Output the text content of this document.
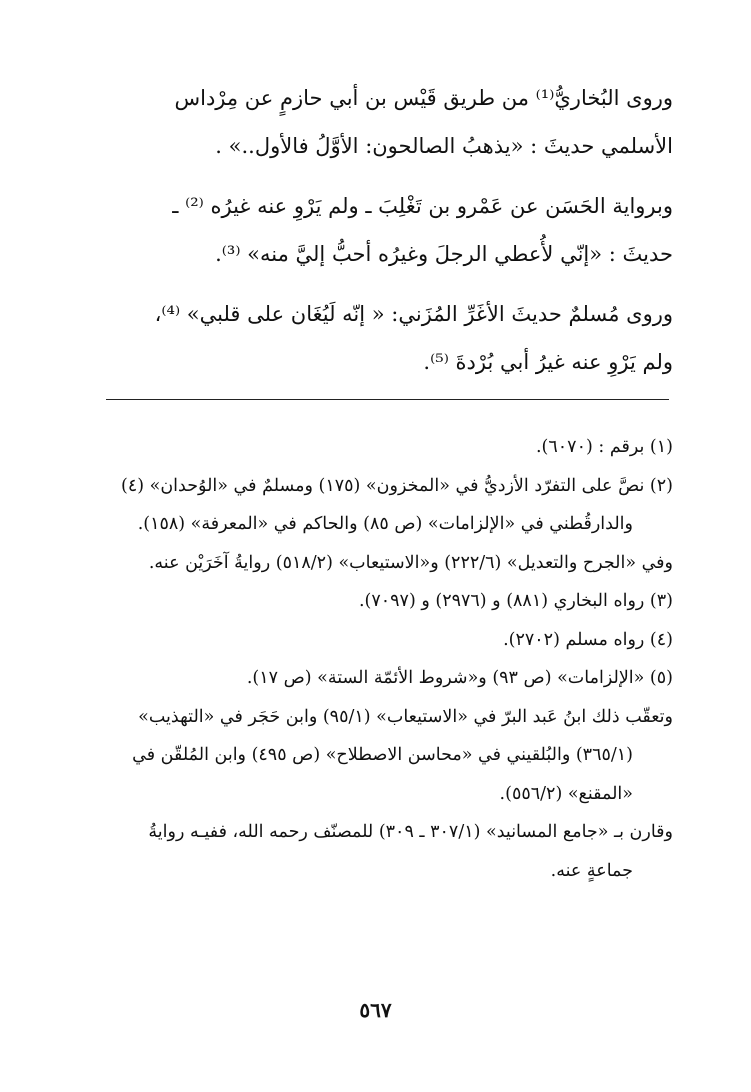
وروى البُخاريُّ⁽¹⁾ من طريق قَيْس بن أبي حازمٍ عن مِرْداس
الأسلمي حديثَ : «يذهبُ الصالحون: الأوَّلُ فالأول..» .

وبرواية الحَسَن عن عَمْرو بن تَغْلِبَ ـ ولم يَرْوِ عنه غيرُه ⁽²⁾ ـ
حديثَ : «إنّي لأُعطي الرجلَ وغيرُه أحبُّ إليَّ منه» ⁽³⁾.

وروى مُسلمٌ حديثَ الأغَرِّ المُزَني: « إنّه لَيُغَان على قلبي» ⁽⁴⁾،
ولم يَرْوِ عنه غيرُ أبي بُرْدةَ ⁽⁵⁾.

(١) برقم : (٦٠٧٠).
(٢) نصَّ على التفرّد الأزديُّ في «المخزون» (١٧٥) ومسلمٌ في «الوُحدان» (٤)
والدارقُطني في «الإلزامات» (ص ٨٥) والحاكم في «المعرفة» (١٥٨).
وفي «الجرح والتعديل» (٢٢٢/٦) و«الاستيعاب» (٥١٨/٢) روايةُ آخَرَيْن عنه.
(٣) رواه البخاري (٨٨١) و (٢٩٧٦) و (٧٠٩٧).
(٤) رواه مسلم (٢٧٠٢).
(٥) «الإلزامات» (ص ٩٣) و«شروط الأئمّة الستة» (ص ١٧).
وتعقّب ذلك ابنُ عَبد البرّ في «الاستيعاب» (٩٥/١) وابن حَجَر في «التهذيب»
(٣٦٥/١) والبُلقيني في «محاسن الاصطلاح» (ص ٤٩٥) وابن المُلقّن في
«المقنع» (٥٥٦/٢).
وقارن بـ «جامع المسانيد» (٣٠٧/١ ـ ٣٠٩) للمصنّف رحمه الله، ففيـه روايةُ
جماعةٍ عنه.
٥٦٧
